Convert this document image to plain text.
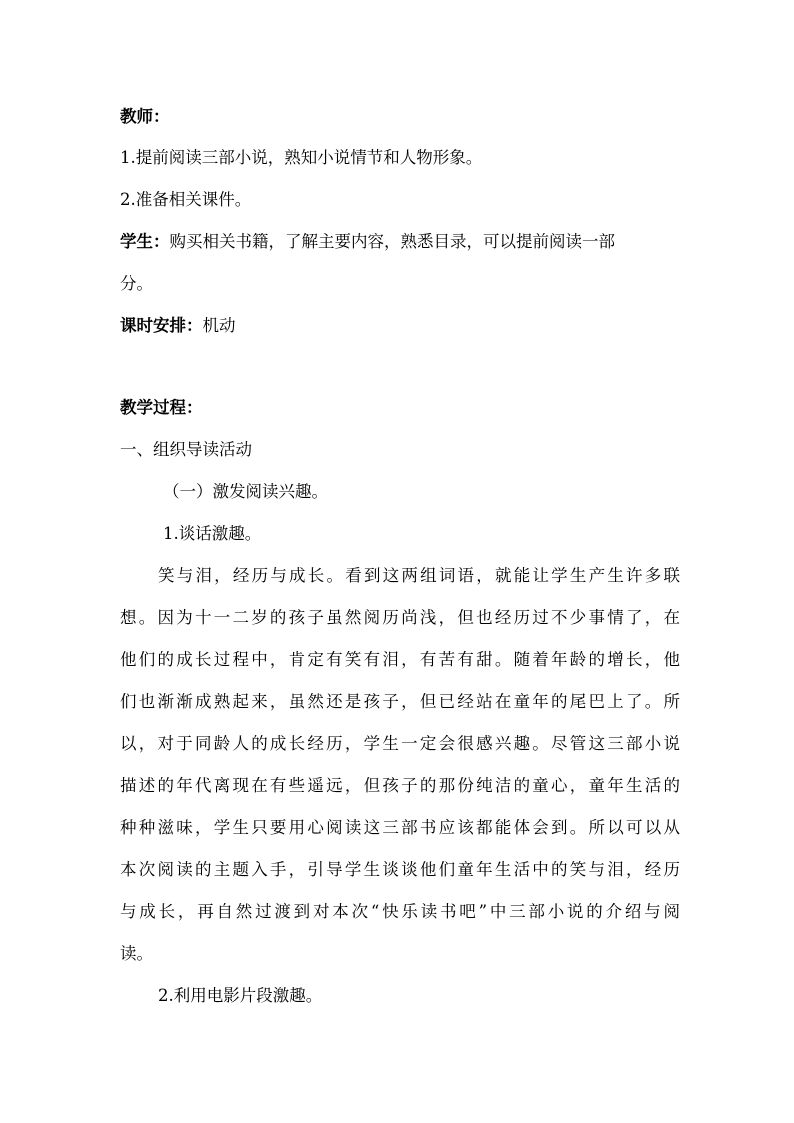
教师：
1.提前阅读三部小说，熟知小说情节和人物形象。
2.准备相关课件。
学生：购买相关书籍，了解主要内容，熟悉目录，可以提前阅读一部
分。
课时安排：机动
教学过程：
一、组织导读活动
（一）激发阅读兴趣。
1.谈话激趣。
笑与泪，经历与成长。看到这两组词语，就能让学生产生许多联
想。因为十一二岁的孩子虽然阅历尚浅，但也经历过不少事情了，在
他们的成长过程中，肯定有笑有泪，有苦有甜。随着年龄的增长，他
们也渐渐成熟起来，虽然还是孩子，但已经站在童年的尾巴上了。所
以，对于同龄人的成长经历，学生一定会很感兴趣。尽管这三部小说
描述的年代离现在有些遥远，但孩子的那份纯洁的童心，童年生活的
种种滋味，学生只要用心阅读这三部书应该都能体会到。所以可以从
本次阅读的主题入手，引导学生谈谈他们童年生活中的笑与泪，经历
与成长，再自然过渡到对本次“快乐读书吧”中三部小说的介绍与阅
读。
2.利用电影片段激趣。
